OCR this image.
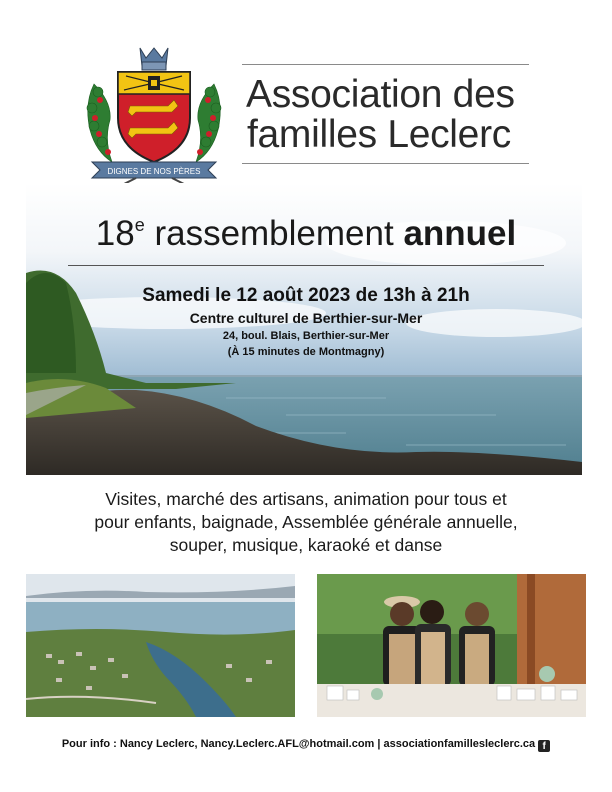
DIGNES DE NOS PÈRES
Association des
familles Leclerc
18e rassemblement annuel
Samedi le 12 août 2023 de 13h à 21h
Centre culturel de Berthier-sur-Mer
24, boul. Blais, Berthier-sur-Mer
(À 15 minutes de Montmagny)
Visites, marché des artisans, animation pour tous et
pour enfants, baignade, Assemblée générale annuelle,
souper, musique, karaoké et danse
Pour info : Nancy Leclerc, Nancy.Leclerc.AFL@hotmail.com | associationfamillesleclerc.ca f
